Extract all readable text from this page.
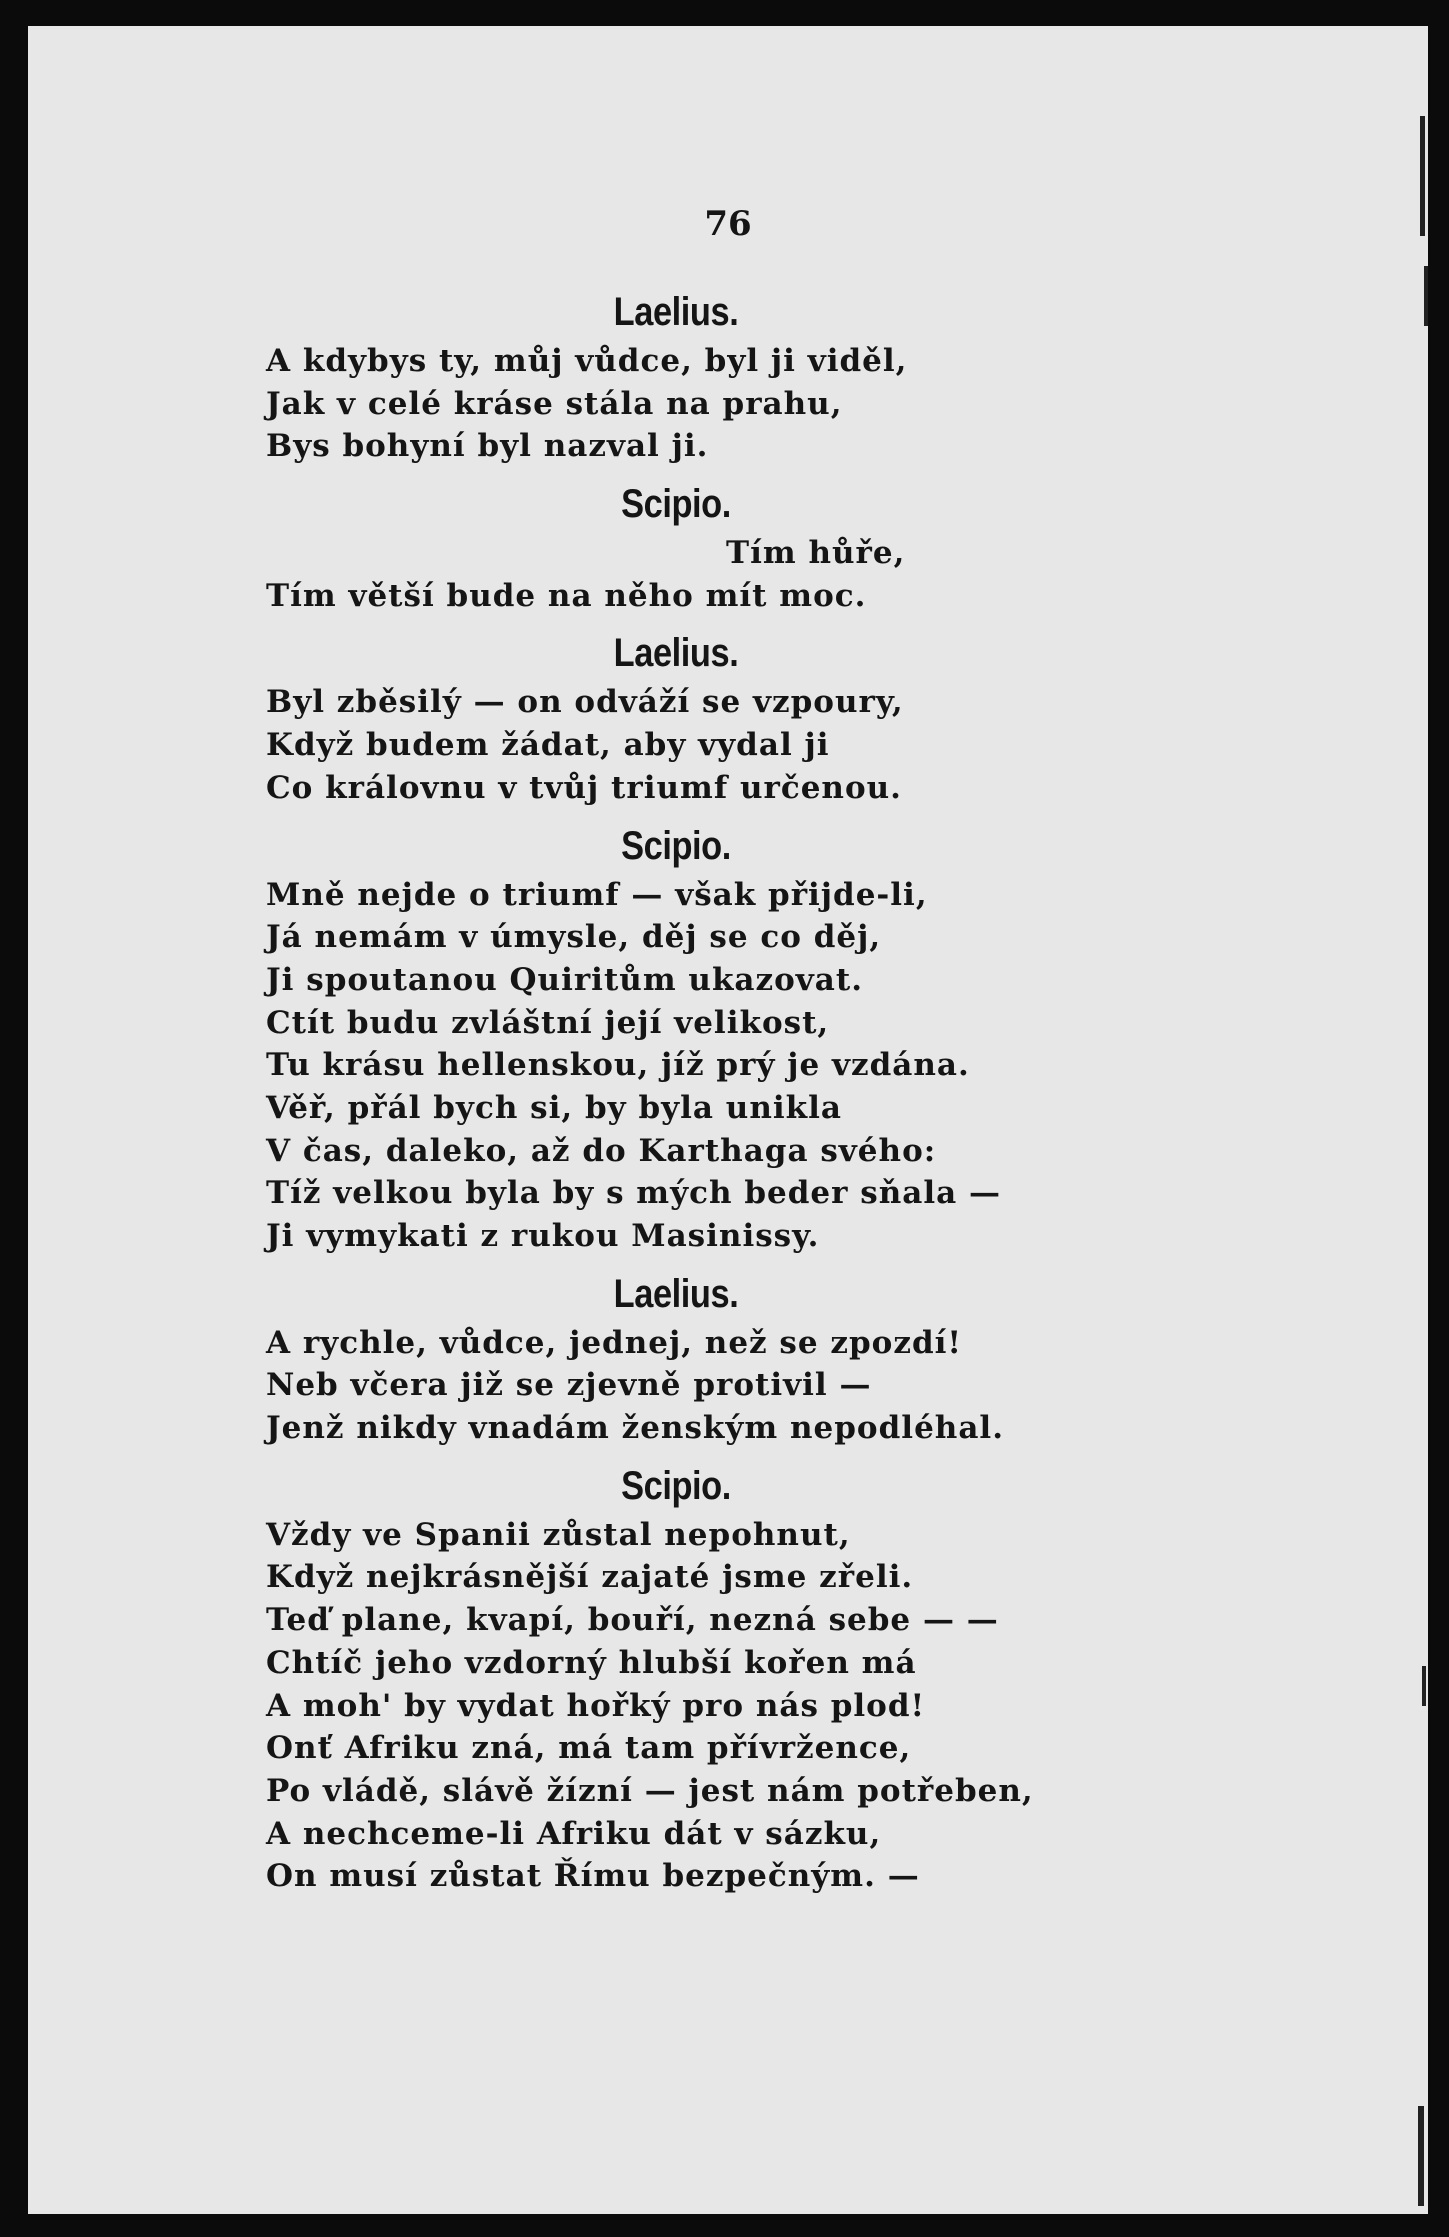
76
Laelius.
A kdybys ty, můj vůdce, byl ji viděl,
Jak v celé kráse stála na prahu,
Bys bohyní byl nazval ji.
Scipio.
Tím hůře,
Tím větší bude na něho mít moc.
Laelius.
Byl zběsilý — on odváží se vzpoury,
Když budem žádat, aby vydal ji
Co královnu v tvůj triumf určenou.
Scipio.
Mně nejde o triumf — však přijde-li,
Já nemám v úmysle, děj se co děj,
Ji spoutanou Quiritům ukazovat.
Ctít budu zvláštní její velikost,
Tu krásu hellenskou, jíž prý je vzdána.
Věř, přál bych si, by byla unikla
V čas, daleko, až do Karthaga svého:
Tíž velkou byla by s mých beder sňala —
Ji vymykati z rukou Masinissy.
Laelius.
A rychle, vůdce, jednej, než se zpozdí!
Neb včera již se zjevně protivil —
Jenž nikdy vnadám ženským nepodléhal.
Scipio.
Vždy ve Spanii zůstal nepohnut,
Když nejkrásnější zajaté jsme zřeli.
Teď plane, kvapí, bouří, nezná sebe — —
Chtíč jeho vzdorný hlubší kořen má
A moh' by vydat hořký pro nás plod!
Onť Afriku zná, má tam přívržence,
Po vládě, slávě žízní — jest nám potřeben,
A nechceme-li Afriku dát v sázku,
On musí zůstat Římu bezpečným. —
